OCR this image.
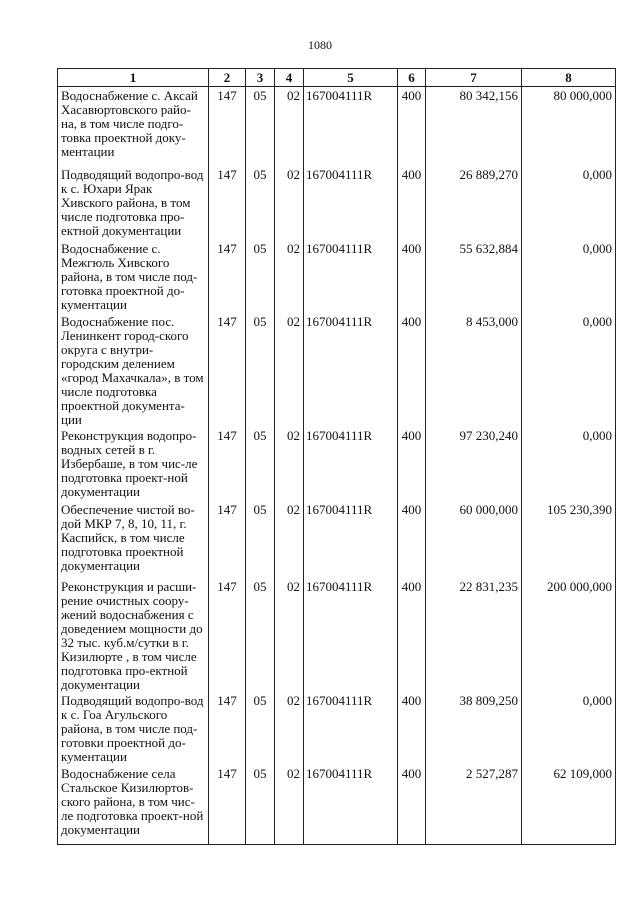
1080
1	2	3	4	5	6	7	8
Водоснабжение с. Аксай Хасавюртовского райо-на, в том числе подго-товка проектной доку-ментации	147	05	02	167004111R	400	80 342,156	80 000,000
Подводящий водопро-вод к с. Юхари Ярак Хивского района, в том числе подготовка про-ектной документации	147	05	02	167004111R	400	26 889,270	0,000
Водоснабжение с. Межгюль Хивского района, в том числе под-готовка проектной до-кументации	147	05	02	167004111R	400	55 632,884	0,000
Водоснабжение пос. Ленинкент город-ского округа с внутри-городским делением «город Махачкала», в том числе подготовка проектной документа-ции	147	05	02	167004111R	400	8 453,000	0,000
Реконструкция водопро-водных сетей в г. Избербаше, в том чис-ле подготовка проект-ной документации	147	05	02	167004111R	400	97 230,240	0,000
Обеспечение чистой во-дой МКР 7, 8, 10, 11, г. Каспийск, в том числе подготовка проектной документации	147	05	02	167004111R	400	60 000,000	105 230,390
Реконструкция и расши-рение очистных соору-жений водоснабжения с доведением мощности до 32 тыс. куб.м/сутки в г. Кизилюрте , в том числе подготовка про-ектной документации	147	05	02	167004111R	400	22 831,235	200 000,000
Подводящий водопро-вод к с. Гоа Агульского района, в том числе под-готовки проектной до-кументации	147	05	02	167004111R	400	38 809,250	0,000
Водоснабжение села Стальское Кизилюртов-ского района, в том чис-ле подготовка проект-ной документации	147	05	02	167004111R	400	2 527,287	62 109,000
